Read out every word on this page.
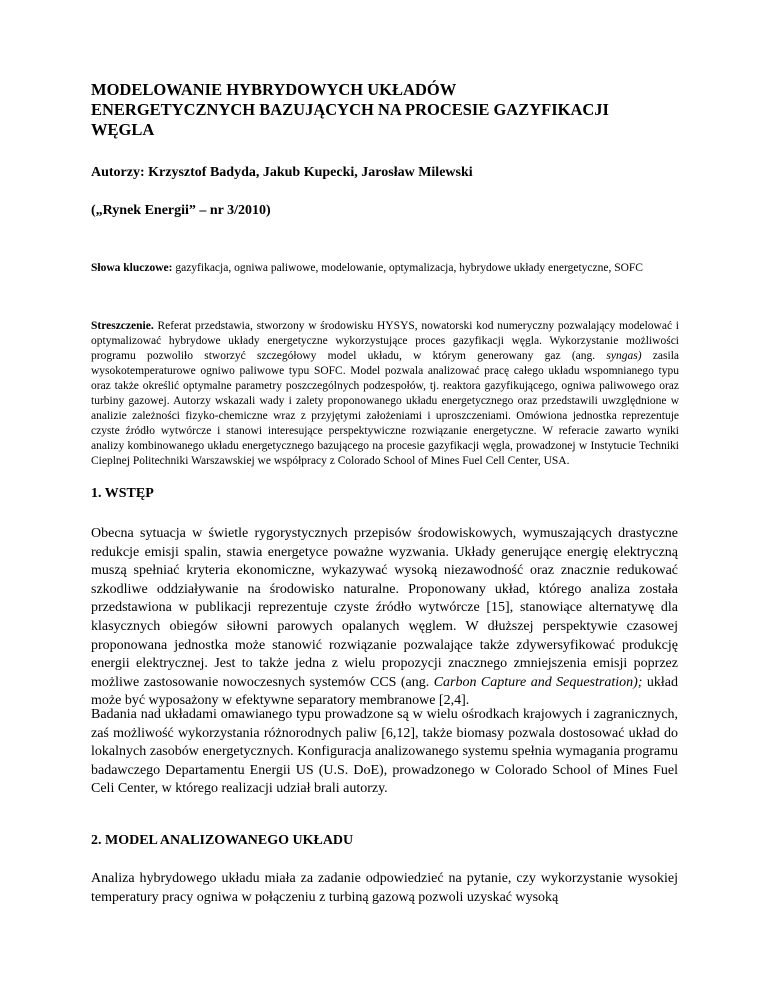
MODELOWANIE HYBRYDOWYCH UKŁADÓW
ENERGETYCZNYCH BAZUJĄCYCH NA PROCESIE GAZYFIKACJI
WĘGLA
Autorzy: Krzysztof Badyda, Jakub Kupecki, Jarosław Milewski
(„Rynek Energii” – nr 3/2010)
Słowa kluczowe: gazyfikacja, ogniwa paliwowe, modelowanie, optymalizacja, hybrydowe układy energetyczne, SOFC
Streszczenie. Referat przedstawia, stworzony w środowisku HYSYS, nowatorski kod numeryczny pozwalający modelować i optymalizować hybrydowe układy energetyczne wykorzystujące proces gazyfikacji węgla. Wykorzystanie możliwości programu pozwoliło stworzyć szczegółowy model układu, w którym generowany gaz (ang. syngas) zasila wysokotemperaturowe ogniwo paliwowe typu SOFC. Model pozwala analizować pracę całego układu wspomnianego typu oraz także określić optymalne parametry poszczególnych podzespołów, tj. reaktora gazyfikującego, ogniwa paliwowego oraz turbiny gazowej. Autorzy wskazali wady i zalety proponowanego układu energetycznego oraz przedstawili uwzględnione w analizie zależności fizyko-chemiczne wraz z przyjętymi założeniami i uproszczeniami. Omówiona jednostka reprezentuje czyste źródło wytwórcze i stanowi interesujące perspektywiczne rozwiązanie energetyczne. W referacie zawarto wyniki analizy kombinowanego układu energetycznego bazującego na procesie gazyfikacji węgla, prowadzonej w Instytucie Techniki Cieplnej Politechniki Warszawskiej we współpracy z Colorado School of Mines Fuel Cell Center, USA.
1. WSTĘP
Obecna sytuacja w świetle rygorystycznych przepisów środowiskowych, wymuszających drastyczne redukcje emisji spalin, stawia energetyce poważne wyzwania. Układy generujące energię elektryczną muszą spełniać kryteria ekonomiczne, wykazywać wysoką niezawodność oraz znacznie redukować szkodliwe oddziaływanie na środowisko naturalne. Proponowany układ, którego analiza została przedstawiona w publikacji reprezentuje czyste źródło wytwórcze [15], stanowiące alternatywę dla klasycznych obiegów siłowni parowych opalanych węglem. W dłuższej perspektywie czasowej proponowana jednostka może stanowić rozwiązanie pozwalające także zdywersyfikować produkcję energii elektrycznej. Jest to także jedna z wielu propozycji znacznego zmniejszenia emisji poprzez możliwe zastosowanie nowoczesnych systemów CCS (ang. Carbon Capture and Sequestration); układ może być wyposażony w efektywne separatory membranowe [2,4].
Badania nad układami omawianego typu prowadzone są w wielu ośrodkach krajowych i zagranicznych, zaś możliwość wykorzystania różnorodnych paliw [6,12], także biomasy pozwala dostosować układ do lokalnych zasobów energetycznych. Konfiguracja analizowanego systemu spełnia wymagania programu badawczego Departamentu Energii US (U.S. DoE), prowadzonego w Colorado School of Mines Fuel Celi Center, w którego realizacji udział brali autorzy.
2. MODEL ANALIZOWANEGO UKŁADU
Analiza hybrydowego układu miała za zadanie odpowiedzieć na pytanie, czy wykorzystanie wysokiej temperatury pracy ogniwa w połączeniu z turbiną gazową pozwoli uzyskać wysoką
